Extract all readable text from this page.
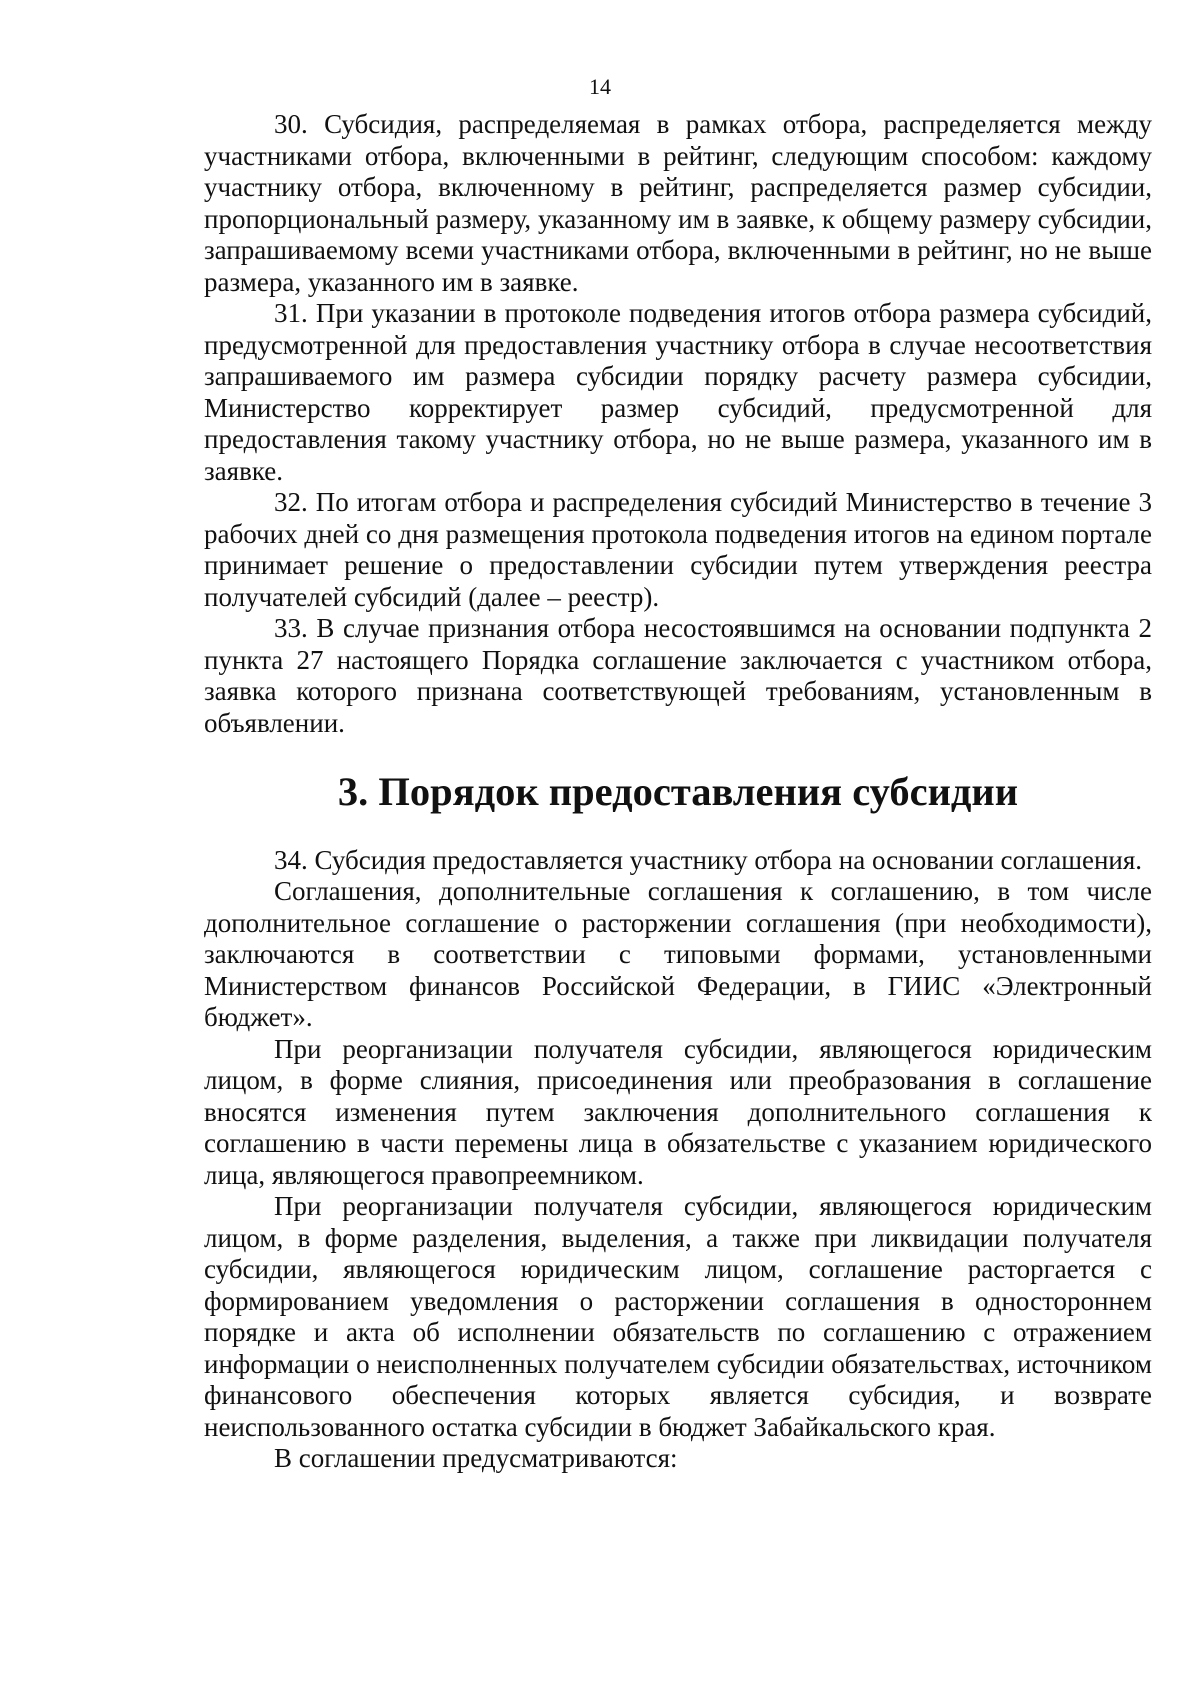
14

30. Субсидия, распределяемая в рамках отбора, распределяется между участниками отбора, включенными в рейтинг, следующим способом: каждому участнику отбора, включенному в рейтинг, распределяется размер субсидии, пропорциональный размеру, указанному им в заявке, к общему размеру субсидии, запрашиваемому всеми участниками отбора, включенными в рейтинг, но не выше размера, указанного им в заявке.

31. При указании в протоколе подведения итогов отбора размера субсидий, предусмотренной для предоставления участнику отбора в случае несоответствия запрашиваемого им размера субсидии порядку расчету размера субсидии, Министерство корректирует размер субсидий, предусмотренной для предоставления такому участнику отбора, но не выше размера, указанного им в заявке.

32. По итогам отбора и распределения субсидий Министерство в течение 3 рабочих дней со дня размещения протокола подведения итогов на едином портале принимает решение о предоставлении субсидии путем утверждения реестра получателей субсидий (далее – реестр).

33. В случае признания отбора несостоявшимся на основании подпункта 2 пункта 27 настоящего Порядка соглашение заключается с участником отбора, заявка которого признана соответствующей требованиям, установленным в объявлении.

3. Порядок предоставления субсидии

34. Субсидия предоставляется участнику отбора на основании соглашения.

Соглашения, дополнительные соглашения к соглашению, в том числе дополнительное соглашение о расторжении соглашения (при необходимости), заключаются в соответствии с типовыми формами, установленными Министерством финансов Российской Федерации, в ГИИС «Электронный бюджет».

При реорганизации получателя субсидии, являющегося юридическим лицом, в форме слияния, присоединения или преобразования в соглашение вносятся изменения путем заключения дополнительного соглашения к соглашению в части перемены лица в обязательстве с указанием юридического лица, являющегося правопреемником.

При реорганизации получателя субсидии, являющегося юридическим лицом, в форме разделения, выделения, а также при ликвидации получателя субсидии, являющегося юридическим лицом, соглашение расторгается с формированием уведомления о расторжении соглашения в одностороннем порядке и акта об исполнении обязательств по соглашению с отражением информации о неисполненных получателем субсидии обязательствах, источником финансового обеспечения которых является субсидия, и возврате неиспользованного остатка субсидии в бюджет Забайкальского края.

В соглашении предусматриваются:
